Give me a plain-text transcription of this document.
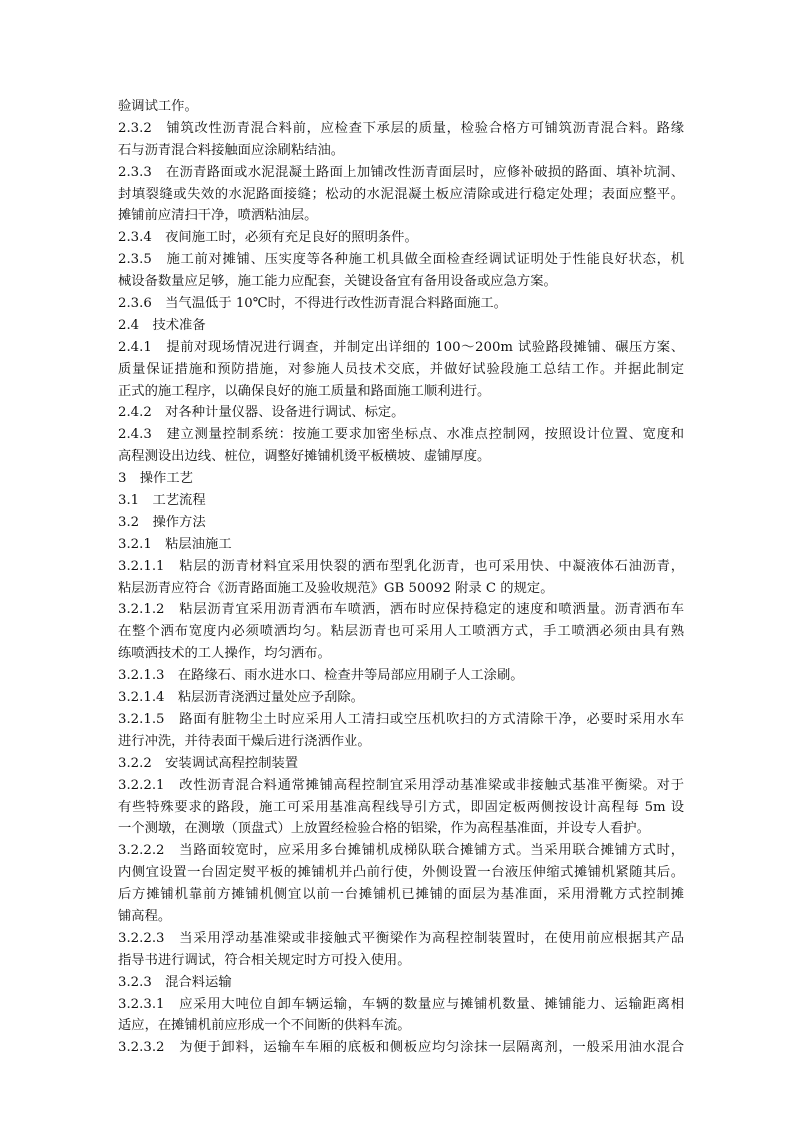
验调试工作。
2.3.2　铺筑改性沥青混合料前，应检查下承层的质量，检验合格方可铺筑沥青混合料。路缘
石与沥青混合料接触面应涂刷粘结油。
2.3.3　在沥青路面或水泥混凝土路面上加铺改性沥青面层时，应修补破损的路面、填补坑洞、
封填裂缝或失效的水泥路面接缝；松动的水泥混凝土板应清除或进行稳定处理；表面应整平。
摊铺前应清扫干净，喷洒粘油层。
2.3.4　夜间施工时，必须有充足良好的照明条件。
2.3.5　施工前对摊铺、压实度等各种施工机具做全面检查经调试证明处于性能良好状态，机
械设备数量应足够，施工能力应配套，关键设备宜有备用设备或应急方案。
2.3.6　当气温低于 10℃时，不得进行改性沥青混合料路面施工。
2.4　技术准备
2.4.1　提前对现场情况进行调查，并制定出详细的 100～200m 试验路段摊铺、碾压方案、
质量保证措施和预防措施，对参施人员技术交底，并做好试验段施工总结工作。并据此制定
正式的施工程序，以确保良好的施工质量和路面施工顺利进行。
2.4.2　对各种计量仪器、设备进行调试、标定。
2.4.3　建立测量控制系统：按施工要求加密坐标点、水准点控制网，按照设计位置、宽度和
高程测设出边线、桩位，调整好摊铺机烫平板横坡、虚铺厚度。
3　操作工艺
3.1　工艺流程
3.2　操作方法
3.2.1　粘层油施工
3.2.1.1　粘层的沥青材料宜采用快裂的洒布型乳化沥青，也可采用快、中凝液体石油沥青，
粘层沥青应符合《沥青路面施工及验收规范》GB 50092 附录 C 的规定。
3.2.1.2　粘层沥青宜采用沥青洒布车喷洒，洒布时应保持稳定的速度和喷洒量。沥青洒布车
在整个洒布宽度内必须喷洒均匀。粘层沥青也可采用人工喷洒方式，手工喷洒必须由具有熟
练喷洒技术的工人操作，均匀洒布。
3.2.1.3　在路缘石、雨水进水口、检查井等局部应用刷子人工涂刷。
3.2.1.4　粘层沥青浇洒过量处应予刮除。
3.2.1.5　路面有脏物尘土时应采用人工清扫或空压机吹扫的方式清除干净，必要时采用水车
进行冲洗，并待表面干燥后进行浇洒作业。
3.2.2　安装调试高程控制装置
3.2.2.1　改性沥青混合料通常摊铺高程控制宜采用浮动基准梁或非接触式基准平衡梁。对于
有些特殊要求的路段，施工可采用基准高程线导引方式，即固定板两侧按设计高程每 5m 设
一个测墩，在测墩（顶盘式）上放置经检验合格的铝梁，作为高程基准面，并设专人看护。
3.2.2.2　当路面较宽时，应采用多台摊铺机成梯队联合摊铺方式。当采用联合摊铺方式时，
内侧宜设置一台固定熨平板的摊铺机并凸前行使，外侧设置一台液压伸缩式摊铺机紧随其后。
后方摊铺机靠前方摊铺机侧宜以前一台摊铺机已摊铺的面层为基准面，采用滑靴方式控制摊
铺高程。
3.2.2.3　当采用浮动基准梁或非接触式平衡梁作为高程控制装置时，在使用前应根据其产品
指导书进行调试，符合相关规定时方可投入使用。
3.2.3　混合料运输
3.2.3.1　应采用大吨位自卸车辆运输，车辆的数量应与摊铺机数量、摊铺能力、运输距离相
适应，在摊铺机前应形成一个不间断的供料车流。
3.2.3.2　为便于卸料，运输车车厢的底板和侧板应均匀涂抹一层隔离剂，一般采用油水混合
